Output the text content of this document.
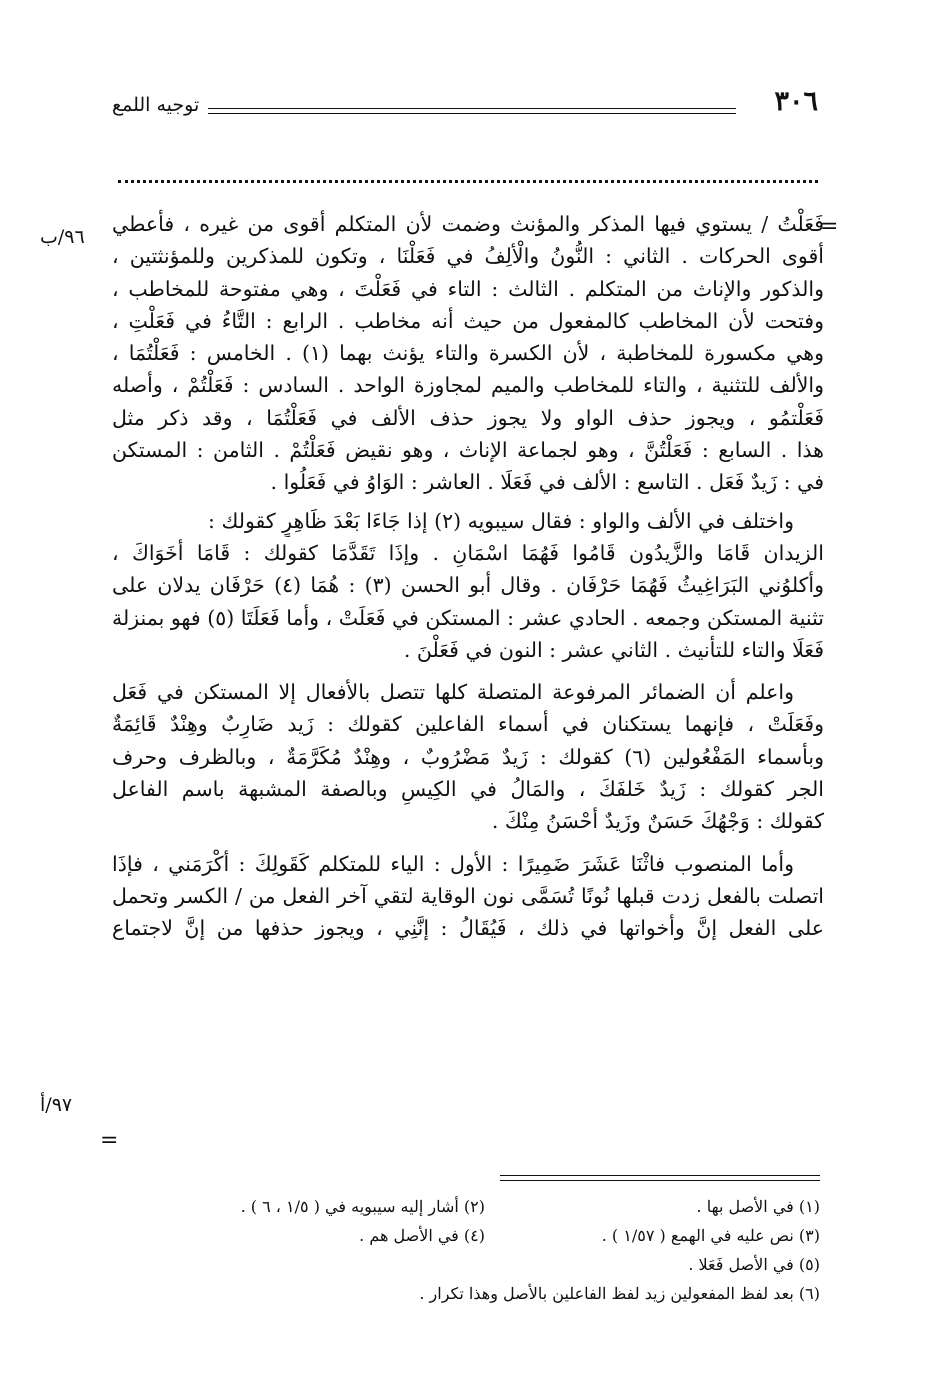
٣٠٦
توجيه اللمع
=
٩٦/ب
٩٧/أ
=
فَعَلْتُ / يستوي فيها المذكر والمؤنث وضمت لأن المتكلم أقوى من غيره ، فأعطي
أقوى الحركات . الثاني : النُّونُ والْألِفُ في فَعَلْنَا ، وتكون للمذكرين وللمؤنثتين ،
والذكور والإناث من المتكلم . الثالث : التاء في فَعَلْتَ ، وهي مفتوحة للمخاطب ،
وفتحت لأن المخاطب كالمفعول من حيث أنه مخاطب . الرابع : التَّاءُ في فَعَلْتِ ،
وهي مكسورة للمخاطبة ، لأن الكسرة والتاء يؤنث بهما (١) . الخامس : فَعَلْتُمَا ،
والألف للتثنية ، والتاء للمخاطب والميم لمجاوزة الواحد . السادس : فَعَلْتُمْ ، وأصله
فَعَلْتمُو ، ويجوز حذف الواو ولا يجوز حذف الألف في فَعَلْتُمَا ، وقد ذكر مثل
هذا . السابع : فَعَلْتُنَّ ، وهو لجماعة الإناث ، وهو نقيض فَعَلْتُمْ . الثامن : المستكن
في : زَيدٌ فَعَل . التاسع : الألف في فَعَلَا . العاشر : الوَاوُ في فَعَلُوا .
واختلف في الألف والواو : فقال سيبويه (٢) إذا جَاءَا بَعْدَ ظَاهِرٍ كقولك :
الزيدان قَامَا والزَّيدُون قَامُوا فَهُمَا اسْمَانِ . وإذَا تَقَدَّمَا كقولك : قَامَا أخَوَاكَ ،
وأكلوُني البَرَاغِيثُ فَهُمَا حَرْفَان . وقال أبو الحسن (٣) : هُمَا (٤) حَرْفَان يدلان على
تثنية المستكن وجمعه . الحادي عشر : المستكن في فَعَلَتْ ، وأما فَعَلَتَا (٥) فهو بمنزلة
فَعَلَا والتاء للتأنيث . الثاني عشر : النون في فَعَلْنَ .
واعلم أن الضمائر المرفوعة المتصلة كلها تتصل بالأفعال إلا المستكن في فَعَل
وفَعَلَتْ ، فإنهما يستكنان في أسماء الفاعلين كقولك : زَيد ضَارِبٌ وهِنْدٌ قَائِمَةٌ
وبأسماء المَفْعُولين (٦) كقولك : زَيدٌ مَضْرُوبٌ ، وهِنْدٌ مُكَرَّمَةٌ ، وبالظرف وحرف
الجر كقولك : زَيدٌ خَلفَكَ ، والمَالُ في الكِيسِ وبالصفة المشبهة باسم الفاعل
كقولك : وَجْهُكَ حَسَنٌ وزَيدٌ أحْسَنُ مِنْكَ .
وأما المنصوب فاثْنَا عَشَرَ ضَمِيرًا : الأول : الياء للمتكلم كَقَولِكَ : أكْرَمَني ، فإذَا
اتصلت بالفعل زدت قبلها نُونًا تُسَمَّى نون الوقاية لتقي آخر الفعل من / الكسر وتحمل
على الفعل إنَّ وأخواتها في ذلك ، فَيُقَالُ : إنَّنِي ، ويجوز حذفها من إنَّ لاجتماع
(١) في الأصل بها .
(٢) أشار إليه سيبويه في ( ١/٥ ، ٦ ) .
(٣) نص عليه في الهمع ( ١/٥٧ ) .
(٤) في الأصل هم .
(٥) في الأصل فَعَلا .
(٦) بعد لفظ المفعولين زيد لفظ الفاعلين بالأصل وهذا تكرار .
